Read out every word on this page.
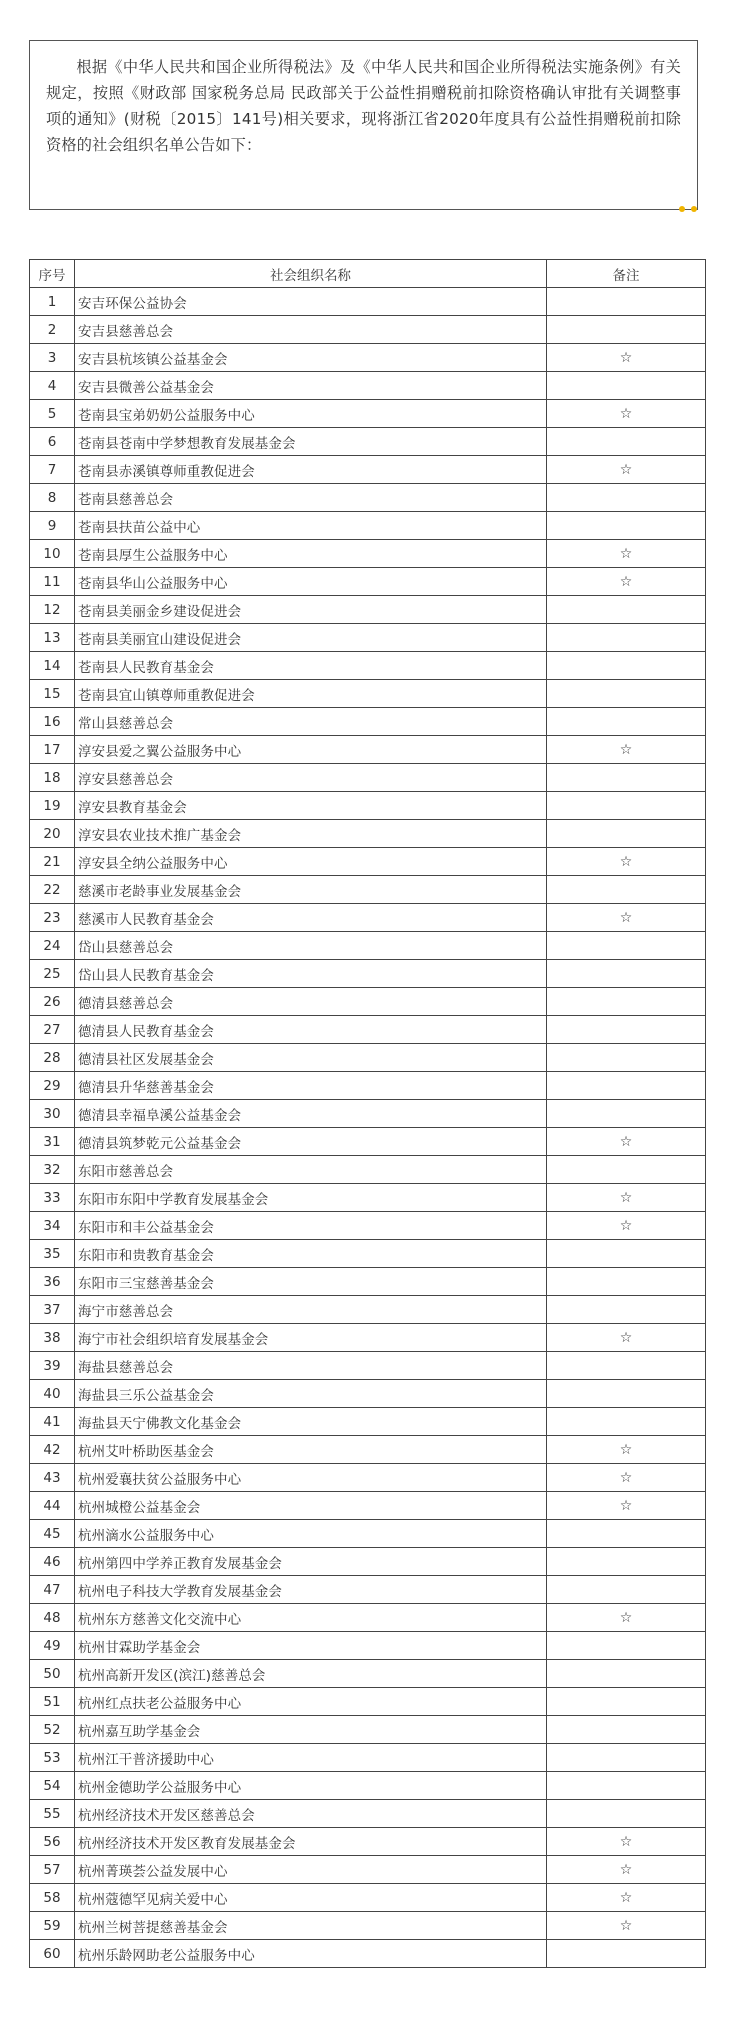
根据《中华人民共和国企业所得税法》及《中华人民共和国企业所得税法实施条例》有关规定，按照《财政部 国家税务总局 民政部关于公益性捐赠税前扣除资格确认审批有关调整事项的通知》(财税〔2015〕141号)相关要求，现将浙江省2020年度具有公益性捐赠税前扣除资格的社会组织名单公告如下：
序号	社会组织名称	备注
1	安吉环保公益协会	
2	安吉县慈善总会	
3	安吉县杭垓镇公益基金会	☆
4	安吉县微善公益基金会	
5	苍南县宝弟奶奶公益服务中心	☆
6	苍南县苍南中学梦想教育发展基金会	
7	苍南县赤溪镇尊师重教促进会	☆
8	苍南县慈善总会	
9	苍南县扶苗公益中心	
10	苍南县厚生公益服务中心	☆
11	苍南县华山公益服务中心	☆
12	苍南县美丽金乡建设促进会	
13	苍南县美丽宜山建设促进会	
14	苍南县人民教育基金会	
15	苍南县宜山镇尊师重教促进会	
16	常山县慈善总会	
17	淳安县爱之翼公益服务中心	☆
18	淳安县慈善总会	
19	淳安县教育基金会	
20	淳安县农业技术推广基金会	
21	淳安县全纳公益服务中心	☆
22	慈溪市老龄事业发展基金会	
23	慈溪市人民教育基金会	☆
24	岱山县慈善总会	
25	岱山县人民教育基金会	
26	德清县慈善总会	
27	德清县人民教育基金会	
28	德清县社区发展基金会	
29	德清县升华慈善基金会	
30	德清县幸福阜溪公益基金会	
31	德清县筑梦乾元公益基金会	☆
32	东阳市慈善总会	
33	东阳市东阳中学教育发展基金会	☆
34	东阳市和丰公益基金会	☆
35	东阳市和贵教育基金会	
36	东阳市三宝慈善基金会	
37	海宁市慈善总会	
38	海宁市社会组织培育发展基金会	☆
39	海盐县慈善总会	
40	海盐县三乐公益基金会	
41	海盐县天宁佛教文化基金会	
42	杭州艾叶桥助医基金会	☆
43	杭州爱襄扶贫公益服务中心	☆
44	杭州城橙公益基金会	☆
45	杭州滴水公益服务中心	
46	杭州第四中学养正教育发展基金会	
47	杭州电子科技大学教育发展基金会	
48	杭州东方慈善文化交流中心	☆
49	杭州甘霖助学基金会	
50	杭州高新开发区(滨江)慈善总会	
51	杭州红点扶老公益服务中心	
52	杭州嘉互助学基金会	
53	杭州江干普济援助中心	
54	杭州金德助学公益服务中心	
55	杭州经济技术开发区慈善总会	
56	杭州经济技术开发区教育发展基金会	☆
57	杭州菁瑛荟公益发展中心	☆
58	杭州蔻德罕见病关爱中心	☆
59	杭州兰树菩提慈善基金会	☆
60	杭州乐龄网助老公益服务中心	
